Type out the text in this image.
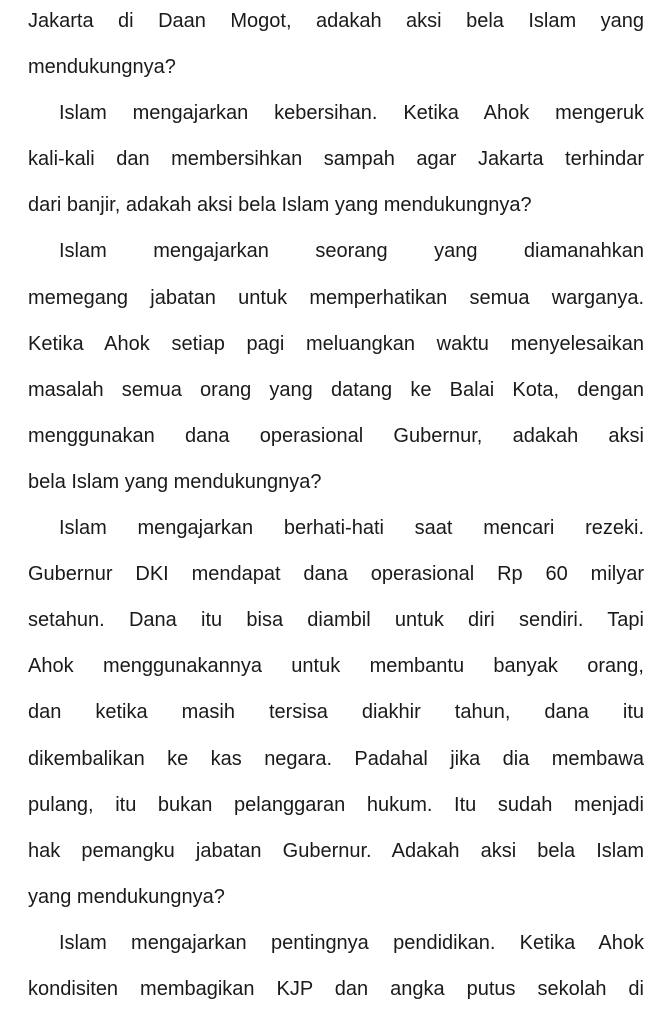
Jakarta di Daan Mogot, adakah aksi bela Islam yang
mendukungnya?
Islam mengajarkan kebersihan. Ketika Ahok mengeruk
kali-kali dan membersihkan sampah agar Jakarta terhindar
dari banjir, adakah aksi bela Islam yang mendukungnya?
Islam mengajarkan seorang yang diamanahkan
memegang jabatan untuk memperhatikan semua warganya.
Ketika Ahok setiap pagi meluangkan waktu menyelesaikan
masalah semua orang yang datang ke Balai Kota, dengan
menggunakan dana operasional Gubernur, adakah aksi
bela Islam yang mendukungnya?
Islam mengajarkan berhati-hati saat mencari rezeki.
Gubernur DKI mendapat dana operasional Rp 60 milyar
setahun. Dana itu bisa diambil untuk diri sendiri. Tapi
Ahok menggunakannya untuk membantu banyak orang,
dan ketika masih tersisa diakhir tahun, dana itu
dikembalikan ke kas negara. Padahal jika dia membawa
pulang, itu bukan pelanggaran hukum. Itu sudah menjadi
hak pemangku jabatan Gubernur. Adakah aksi bela Islam
yang mendukungnya?
Islam mengajarkan pentingnya pendidikan. Ketika Ahok
kondisiten membagikan KJP dan angka putus sekolah di
